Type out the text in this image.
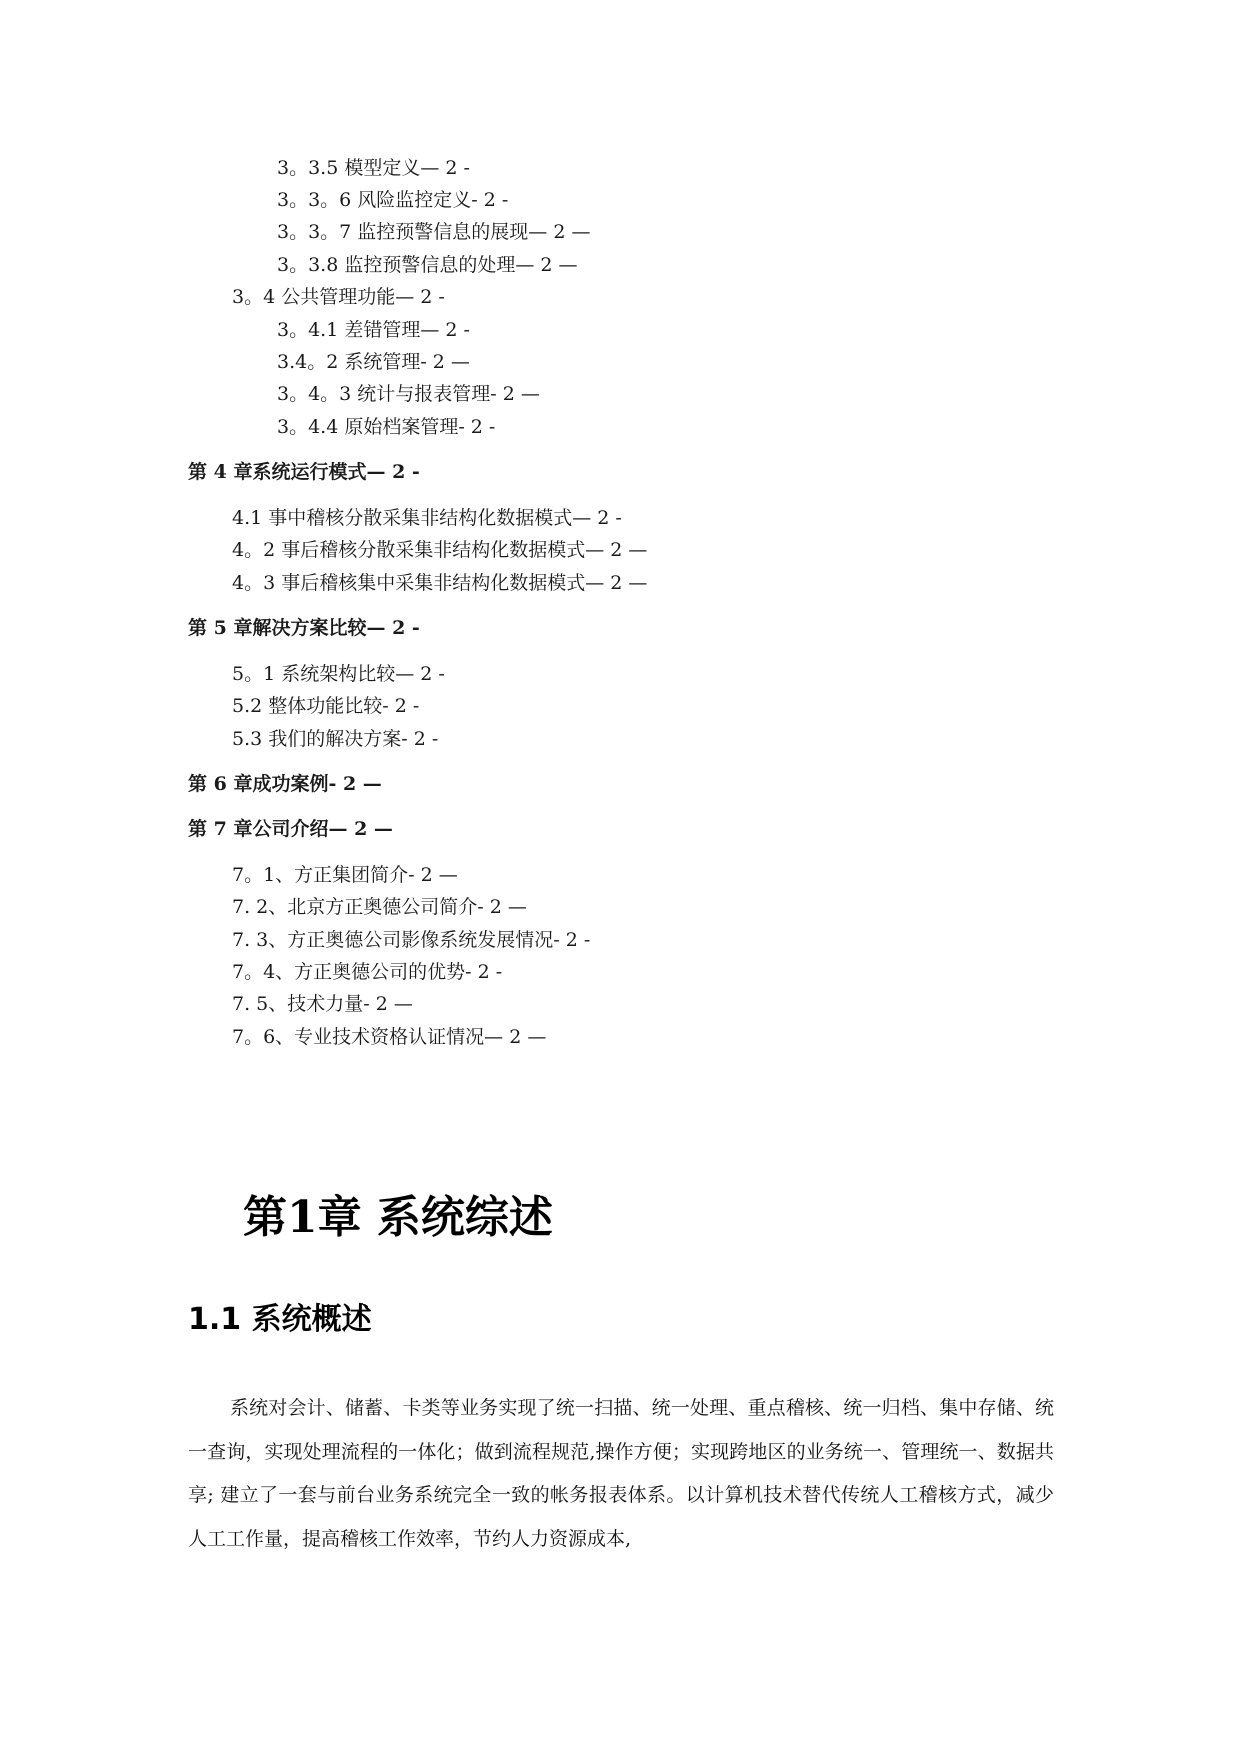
3。3.5 模型定义— 2 -
3。3。6 风险监控定义- 2 -
3。3。7 监控预警信息的展现— 2 —
3。3.8 监控预警信息的处理— 2 —
3。4 公共管理功能— 2 -
3。4.1 差错管理— 2 -
3.4。2 系统管理- 2 —
3。4。3 统计与报表管理- 2 —
3。4.4 原始档案管理- 2 -
第 4 章系统运行模式— 2 -
4.1 事中稽核分散采集非结构化数据模式— 2 -
4。2 事后稽核分散采集非结构化数据模式— 2 —
4。3 事后稽核集中采集非结构化数据模式— 2 —
第 5 章解决方案比较— 2 -
5。1 系统架构比较— 2 -
5.2 整体功能比较- 2 -
5.3 我们的解决方案- 2 -
第 6 章成功案例- 2 —
第 7 章公司介绍— 2 —
7。1、方正集团简介- 2 —
7. 2、北京方正奥德公司简介- 2 —
7. 3、方正奥德公司影像系统发展情况- 2 -
7。4、方正奥德公司的优势- 2 -
7. 5、技术力量- 2 —
7。6、专业技术资格认证情况— 2 —
第1章 系统综述
1.1 系统概述

系统对会计、储蓄、卡类等业务实现了统一扫描、统一处理、重点稽核、统一归档、集中存储、统一查询，实现处理流程的一体化；做到流程规范,操作方便；实现跨地区的业务统一、管理统一、数据共享; 建立了一套与前台业务系统完全一致的帐务报表体系。以计算机技术替代传统人工稽核方式，减少人工工作量，提高稽核工作效率，节约人力资源成本,
